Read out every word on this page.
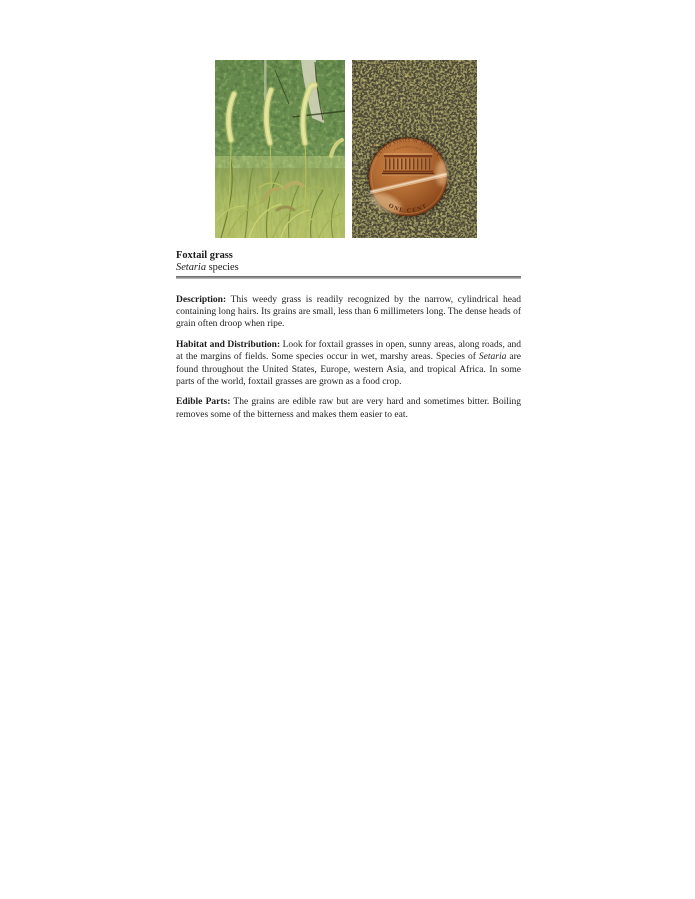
UNITED STATES OF AMERICA
E PLURIBUS UNUM
ONE CENT
Foxtail grass
Setaria species

Description: This weedy grass is readily recognized by the narrow, cylindrical head containing long hairs. Its grains are small, less than 6 millimeters long. The dense heads of grain often droop when ripe.

Habitat and Distribution: Look for foxtail grasses in open, sunny areas, along roads, and at the margins of fields. Some species occur in wet, marshy areas. Species of Setaria are found throughout the United States, Europe, western Asia, and tropical Africa. In some parts of the world, foxtail grasses are grown as a food crop.

Edible Parts: The grains are edible raw but are very hard and sometimes bitter. Boiling removes some of the bitterness and makes them easier to eat.
